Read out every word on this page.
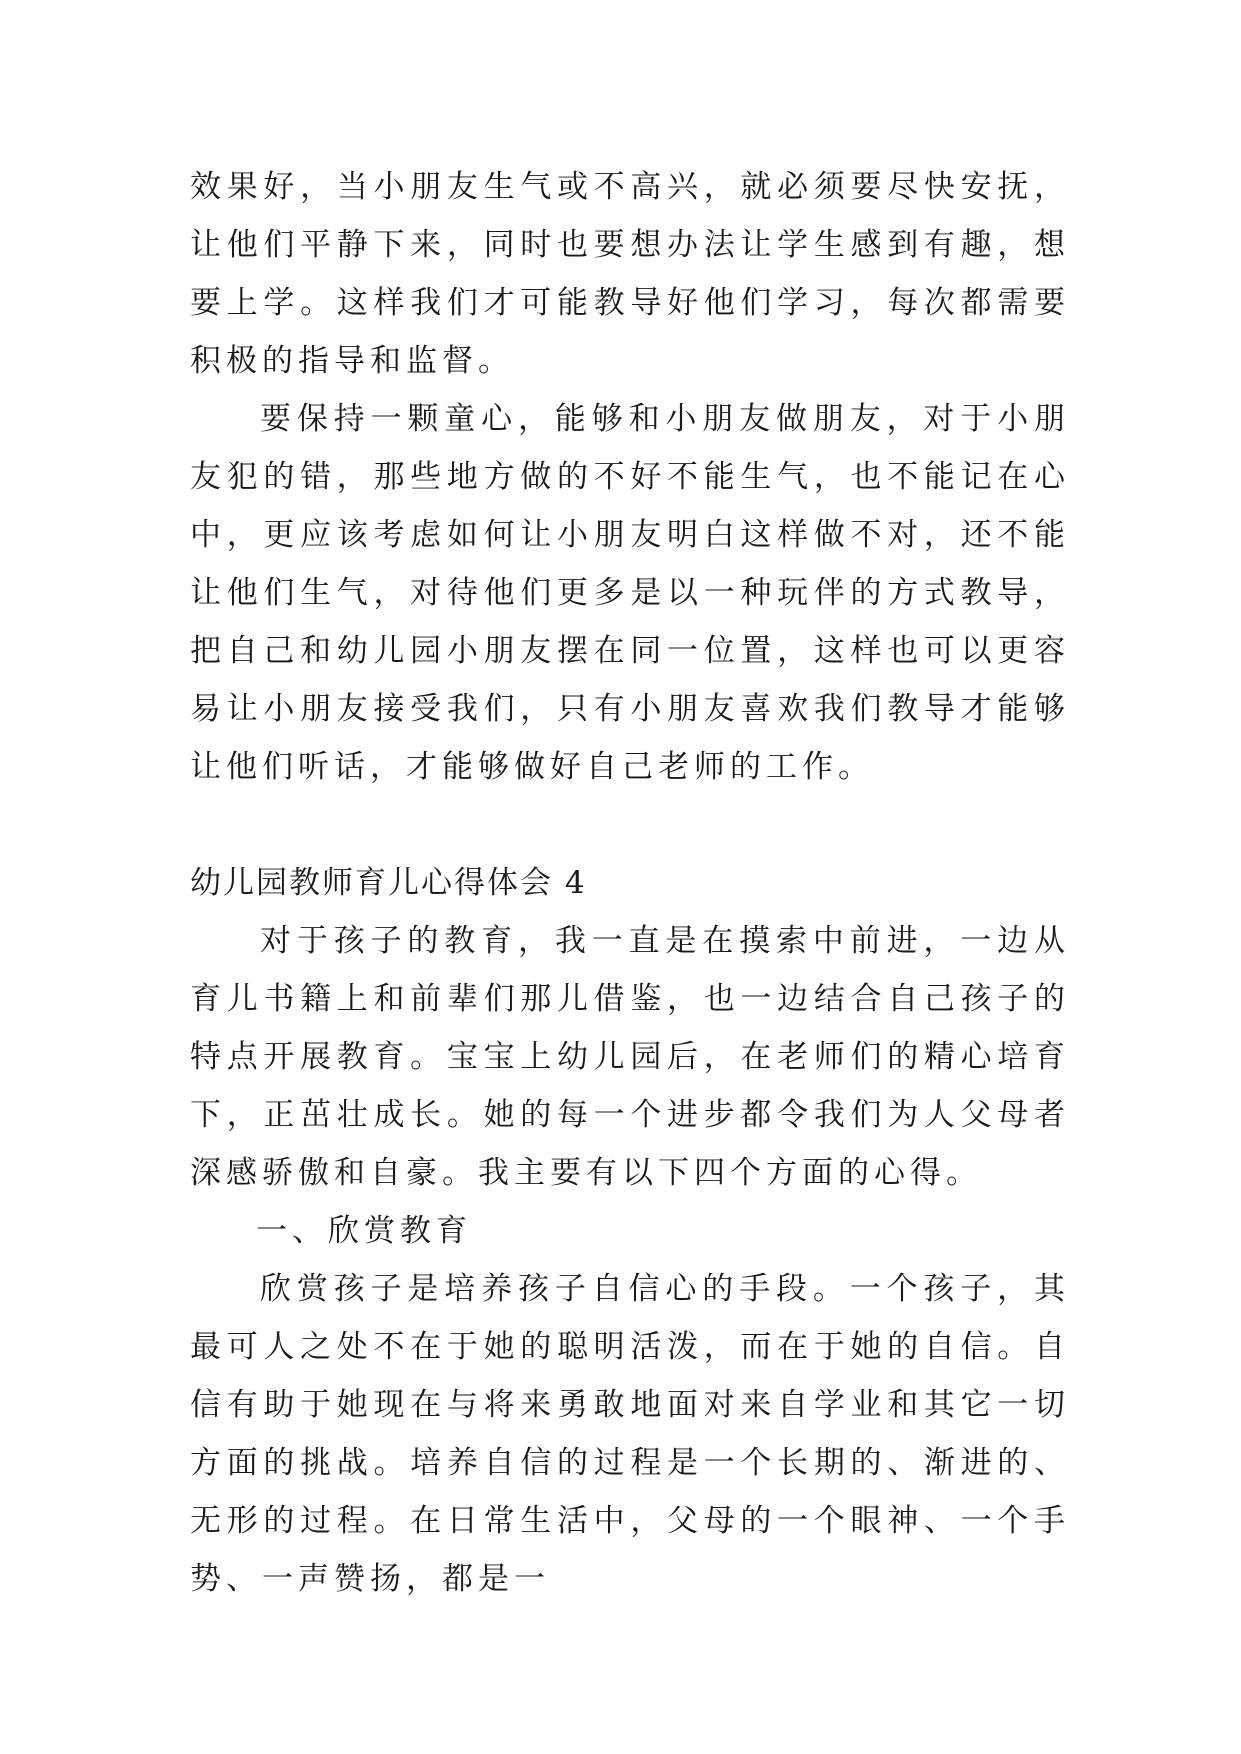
效果好，当小朋友生气或不高兴，就必须要尽快安抚，让他们平静下来，同时也要想办法让学生感到有趣，想要上学。这样我们才可能教导好他们学习，每次都需要积极的指导和监督。

要保持一颗童心，能够和小朋友做朋友，对于小朋友犯的错，那些地方做的不好不能生气，也不能记在心中，更应该考虑如何让小朋友明白这样做不对，还不能让他们生气，对待他们更多是以一种玩伴的方式教导，把自己和幼儿园小朋友摆在同一位置，这样也可以更容易让小朋友接受我们，只有小朋友喜欢我们教导才能够让他们听话，才能够做好自己老师的工作。

幼儿园教师育儿心得体会 4

对于孩子的教育，我一直是在摸索中前进，一边从育儿书籍上和前辈们那儿借鉴，也一边结合自己孩子的特点开展教育。宝宝上幼儿园后，在老师们的精心培育下，正茁壮成长。她的每一个进步都令我们为人父母者深感骄傲和自豪。我主要有以下四个方面的心得。

一、欣赏教育

欣赏孩子是培养孩子自信心的手段。一个孩子，其最可人之处不在于她的聪明活泼，而在于她的自信。自信有助于她现在与将来勇敢地面对来自学业和其它一切方面的挑战。培养自信的过程是一个长期的、渐进的、无形的过程。在日常生活中，父母的一个眼神、一个手势、一声赞扬，都是一
